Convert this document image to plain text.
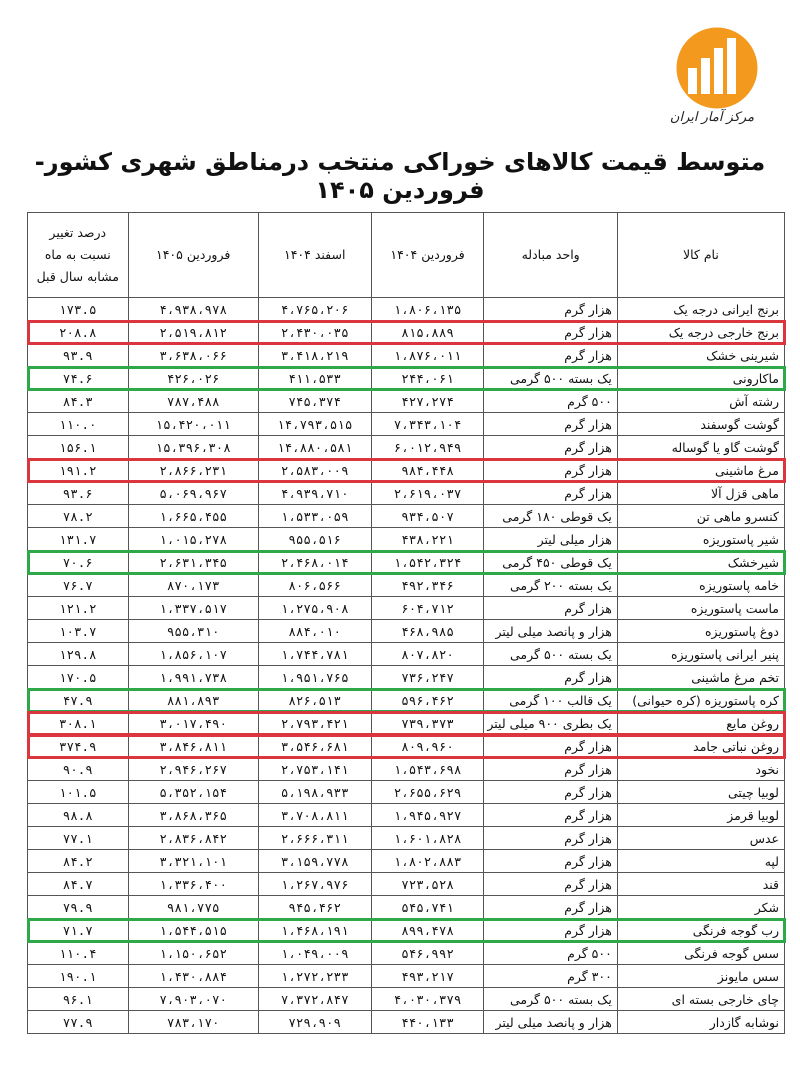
مرکز آمار ایران
متوسط قیمت کالاهای خوراکی منتخب درمناطق شهری کشور- فروردین ۱۴۰۵
نام کالا	واحد مبادله	فروردین ۱۴۰۴	اسفند ۱۴۰۴	فروردین ۱۴۰۵	درصد تغییر نسبت به ماه مشابه سال قبل
برنج ایرانی درجه یک	هزار گرم	۱،۸۰۶،۱۳۵	۴،۷۶۵،۲۰۶	۴،۹۳۸،۹۷۸	۱۷۳.۵
برنج خارجی درجه یک	هزار گرم	۸۱۵،۸۸۹	۲،۴۳۰،۰۳۵	۲،۵۱۹،۸۱۲	۲۰۸.۸
شیرینی خشک	هزار گرم	۱،۸۷۶،۰۱۱	۳،۴۱۸،۲۱۹	۳،۶۳۸،۰۶۶	۹۳.۹
ماکارونی	یک بسته ۵۰۰ گرمی	۲۴۴،۰۶۱	۴۱۱،۵۳۳	۴۲۶،۰۲۶	۷۴.۶
رشته آش	۵۰۰ گرم	۴۲۷،۲۷۴	۷۴۵،۳۷۴	۷۸۷،۴۸۸	۸۴.۳
گوشت گوسفند	هزار گرم	۷،۳۴۳،۱۰۴	۱۴،۷۹۳،۵۱۵	۱۵،۴۲۰،۰۱۱	۱۱۰.۰
گوشت گاو یا گوساله	هزار گرم	۶،۰۱۲،۹۴۹	۱۴،۸۸۰،۵۸۱	۱۵،۳۹۶،۳۰۸	۱۵۶.۱
مرغ ماشینی	هزار گرم	۹۸۴،۴۴۸	۲،۵۸۳،۰۰۹	۲،۸۶۶،۲۳۱	۱۹۱.۲
ماهی قزل آلا	هزار گرم	۲،۶۱۹،۰۳۷	۴،۹۳۹،۷۱۰	۵،۰۶۹،۹۶۷	۹۳.۶
کنسرو ماهی تن	یک قوطی ۱۸۰ گرمی	۹۳۴،۵۰۷	۱،۵۳۳،۰۵۹	۱،۶۶۵،۴۵۵	۷۸.۲
شیر پاستوریزه	هزار میلی لیتر	۴۳۸،۲۲۱	۹۵۵،۵۱۶	۱،۰۱۵،۲۷۸	۱۳۱.۷
شیرخشک	یک قوطی ۴۵۰ گرمی	۱،۵۴۲،۳۲۴	۲،۴۶۸،۰۱۴	۲،۶۳۱،۳۴۵	۷۰.۶
خامه پاستوریزه	یک بسته ۲۰۰ گرمی	۴۹۲،۳۴۶	۸۰۶،۵۶۶	۸۷۰،۱۷۳	۷۶.۷
ماست پاستوریزه	هزار گرم	۶۰۴،۷۱۲	۱،۲۷۵،۹۰۸	۱،۳۳۷،۵۱۷	۱۲۱.۲
دوغ پاستوریزه	هزار و پانصد میلی لیتر	۴۶۸،۹۸۵	۸۸۴،۰۱۰	۹۵۵،۳۱۰	۱۰۳.۷
پنیر ایرانی پاستوریزه	یک بسته ۵۰۰ گرمی	۸۰۷،۸۲۰	۱،۷۴۴،۷۸۱	۱،۸۵۶،۱۰۷	۱۲۹.۸
تخم مرغ ماشینی	هزار گرم	۷۳۶،۲۴۷	۱،۹۵۱،۷۶۵	۱،۹۹۱،۷۳۸	۱۷۰.۵
کره پاستوریزه (کره حیوانی)	یک قالب ۱۰۰ گرمی	۵۹۶،۴۶۲	۸۲۶،۵۱۳	۸۸۱،۸۹۳	۴۷.۹
روغن مایع	یک بطری ۹۰۰ میلی لیتر	۷۳۹،۳۷۳	۲،۷۹۳،۴۲۱	۳،۰۱۷،۴۹۰	۳۰۸.۱
روغن نباتی جامد	هزار گرم	۸۰۹،۹۶۰	۳،۵۴۶،۶۸۱	۳،۸۴۶،۸۱۱	۳۷۴.۹
نخود	هزار گرم	۱،۵۴۳،۶۹۸	۲،۷۵۳،۱۴۱	۲،۹۴۶،۲۶۷	۹۰.۹
لوبیا چیتی	هزار گرم	۲،۶۵۵،۶۲۹	۵،۱۹۸،۹۳۳	۵،۳۵۲،۱۵۴	۱۰۱.۵
لوبیا قرمز	هزار گرم	۱،۹۴۵،۹۲۷	۳،۷۰۸،۸۱۱	۳،۸۶۸،۳۶۵	۹۸.۸
عدس	هزار گرم	۱،۶۰۱،۸۲۸	۲،۶۶۶،۳۱۱	۲،۸۳۶،۸۴۲	۷۷.۱
لپه	هزار گرم	۱،۸۰۲،۸۸۳	۳،۱۵۹،۷۷۸	۳،۳۲۱،۱۰۱	۸۴.۲
قند	هزار گرم	۷۲۳،۵۲۸	۱،۲۶۷،۹۷۶	۱،۳۳۶،۴۰۰	۸۴.۷
شکر	هزار گرم	۵۴۵،۷۴۱	۹۴۵،۴۶۲	۹۸۱،۷۷۵	۷۹.۹
رب گوجه فرنگی	هزار گرم	۸۹۹،۴۷۸	۱،۴۶۸،۱۹۱	۱،۵۴۴،۵۱۵	۷۱.۷
سس گوجه فرنگی	۵۰۰ گرم	۵۴۶،۹۹۲	۱،۰۴۹،۰۰۹	۱،۱۵۰،۶۵۲	۱۱۰.۴
سس مایونز	۳۰۰ گرم	۴۹۳،۲۱۷	۱،۲۷۲،۲۳۳	۱،۴۳۰،۸۸۴	۱۹۰.۱
چای خارجی بسته ای	یک بسته ۵۰۰ گرمی	۴،۰۳۰،۳۷۹	۷،۳۷۲،۸۴۷	۷،۹۰۳،۰۷۰	۹۶.۱
نوشابه گازدار	هزار و پانصد میلی لیتر	۴۴۰،۱۳۳	۷۲۹،۹۰۹	۷۸۳،۱۷۰	۷۷.۹
